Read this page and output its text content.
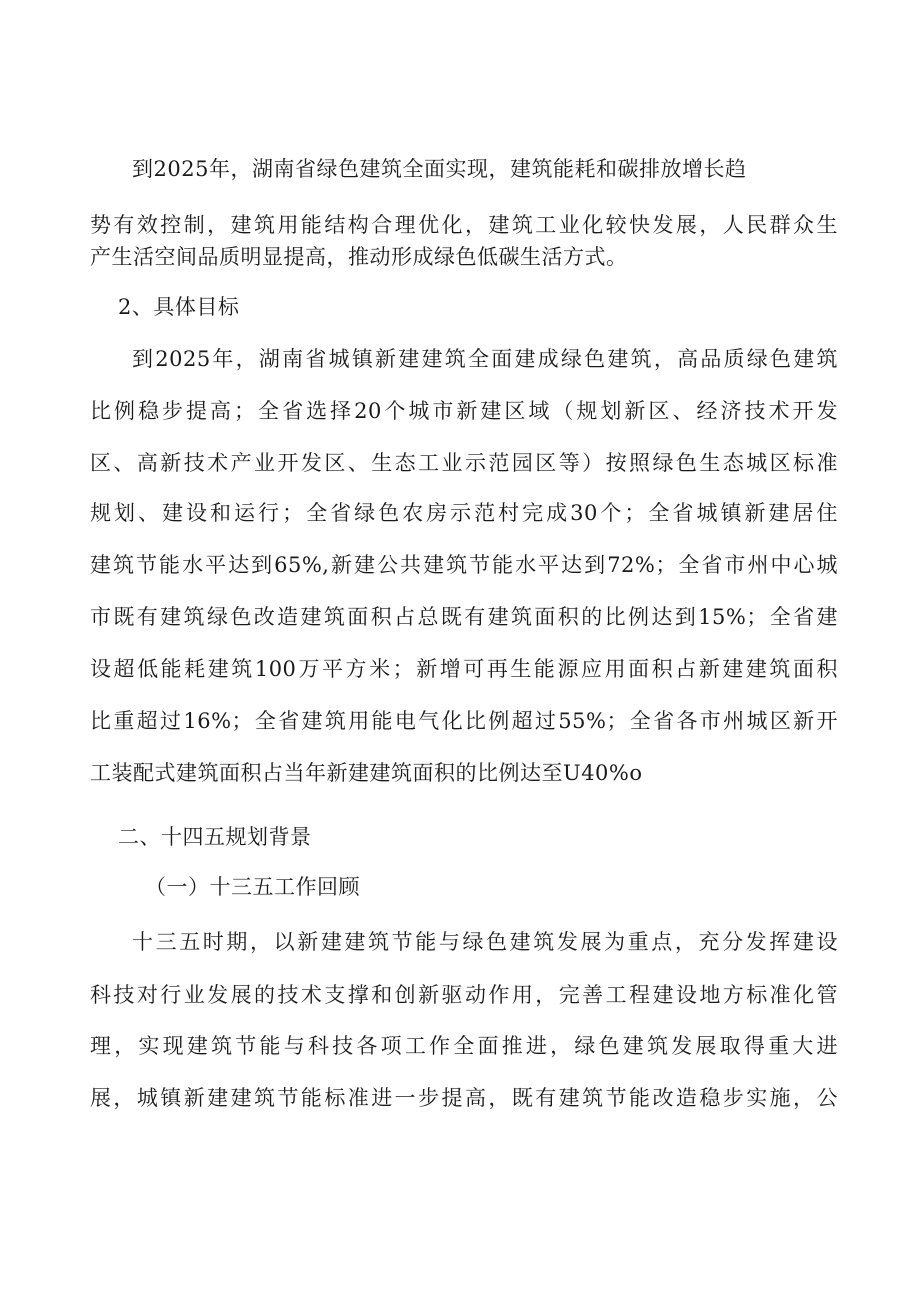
到2025年，湖南省绿色建筑全面实现，建筑能耗和碳排放增长趋
势有效控制，建筑用能结构合理优化，建筑工业化较快发展，人民群众生
产生活空间品质明显提高，推动形成绿色低碳生活方式。
2、具体目标
到2025年，湖南省城镇新建建筑全面建成绿色建筑，高品质绿色建筑
比例稳步提高；全省选择20个城市新建区域（规划新区、经济技术开发
区、高新技术产业开发区、生态工业示范园区等）按照绿色生态城区标准
规划、建设和运行；全省绿色农房示范村完成30个；全省城镇新建居住
建筑节能水平达到65%,新建公共建筑节能水平达到72%；全省市州中心城
市既有建筑绿色改造建筑面积占总既有建筑面积的比例达到15%；全省建
设超低能耗建筑100万平方米；新增可再生能源应用面积占新建建筑面积
比重超过16%；全省建筑用能电气化比例超过55%；全省各市州城区新开
工装配式建筑面积占当年新建建筑面积的比例达至U40%o
二、十四五规划背景
（一）十三五工作回顾
十三五时期，以新建建筑节能与绿色建筑发展为重点，充分发挥建设
科技对行业发展的技术支撑和创新驱动作用，完善工程建设地方标准化管
理，实现建筑节能与科技各项工作全面推进，绿色建筑发展取得重大进
展，城镇新建建筑节能标准进一步提高，既有建筑节能改造稳步实施，公
